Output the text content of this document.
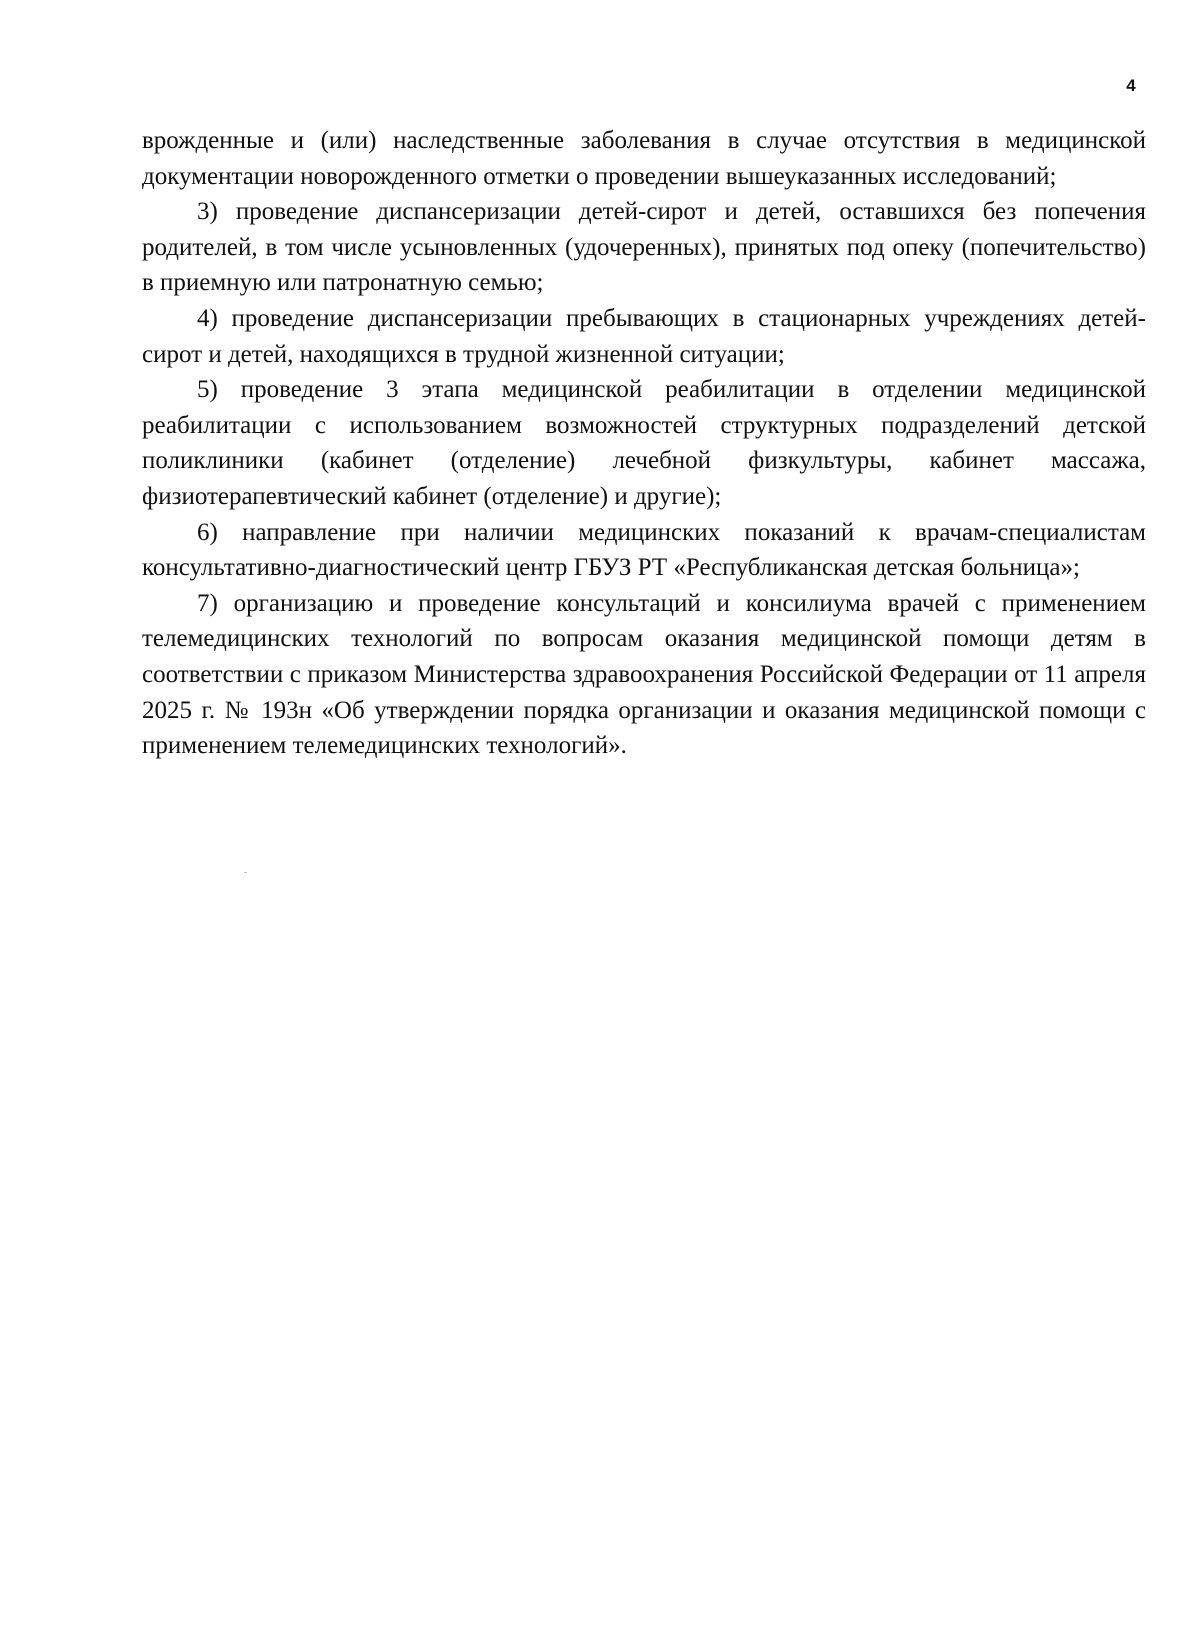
4

врожденные и (или) наследственные заболевания в случае отсутствия в медицинской документации новорожденного отметки о проведении вышеуказанных исследований;

3) проведение диспансеризации детей-сирот и детей, оставшихся без попечения родителей, в том числе усыновленных (удочеренных), принятых под опеку (попечительство) в приемную или патронатную семью;

4) проведение диспансеризации пребывающих в стационарных учреждениях детей-сирот и детей, находящихся в трудной жизненной ситуации;

5) проведение 3 этапа медицинской реабилитации в отделении медицинской реабилитации с использованием возможностей структурных подразделений детской поликлиники (кабинет (отделение) лечебной физкультуры, кабинет массажа, физиотерапевтический кабинет (отделение) и другие);

6) направление при наличии медицинских показаний к врачам-специалистам консультативно-диагностический центр ГБУЗ РТ «Республиканская детская больница»;

7) организацию и проведение консультаций и консилиума врачей с применением телемедицинских технологий по вопросам оказания медицинской помощи детям в соответствии с приказом Министерства здравоохранения Российской Федерации от 11 апреля 2025 г. № 193н «Об утверждении порядка организации и оказания медицинской помощи с применением телемедицинских технологий».
